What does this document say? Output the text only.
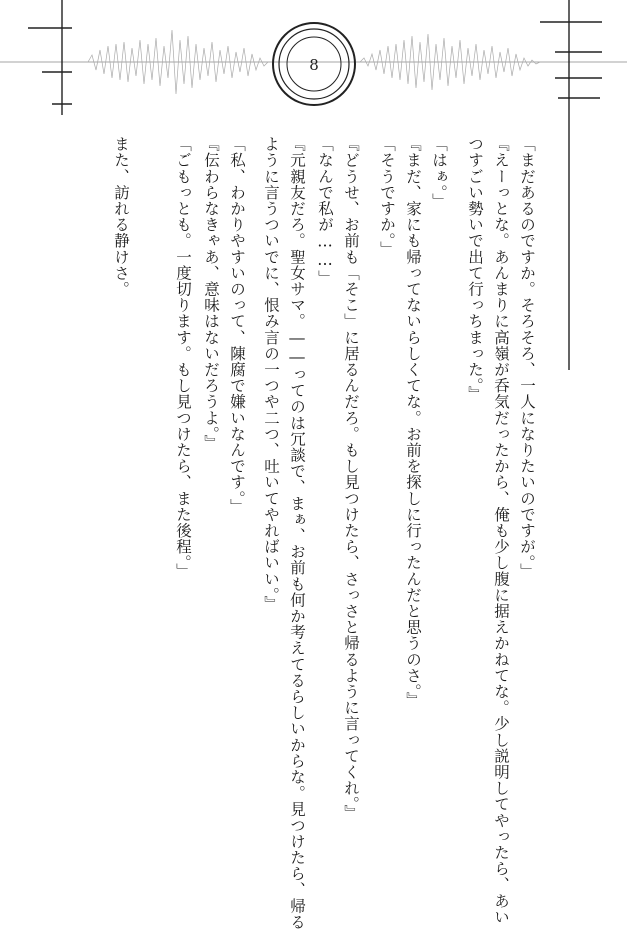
8
「まだあるのですか。そろそろ、一人になりたいのですが。」
『えーっとな。あんまりに高嶺が呑気だったから、俺も少し腹に据えかねてな。少し説明してやったら、あい
つすごい勢いで出て行っちまった。』
「はぁ。」
『まだ、家にも帰ってないらしくてな。お前を探しに行ったんだと思うのさ。』
「そうですか。」
『どうせ、お前も「そこ」に居るんだろ。もし見つけたら、さっさと帰るように言ってくれ。』
「なんで私が……」
『元親友だろ。聖女サマ。――ってのは冗談で、まぁ、お前も何か考えてるらしいからな。見つけたら、帰る
ように言うついでに、恨み言の一つや二つ、吐いてやればいい。』
「私、わかりやすいのって、陳腐で嫌いなんです。」
『伝わらなきゃあ、意味はないだろうよ。』
「ごもっとも。一度切ります。もし見つけたら、また後程。」
また、訪れる静けさ。
